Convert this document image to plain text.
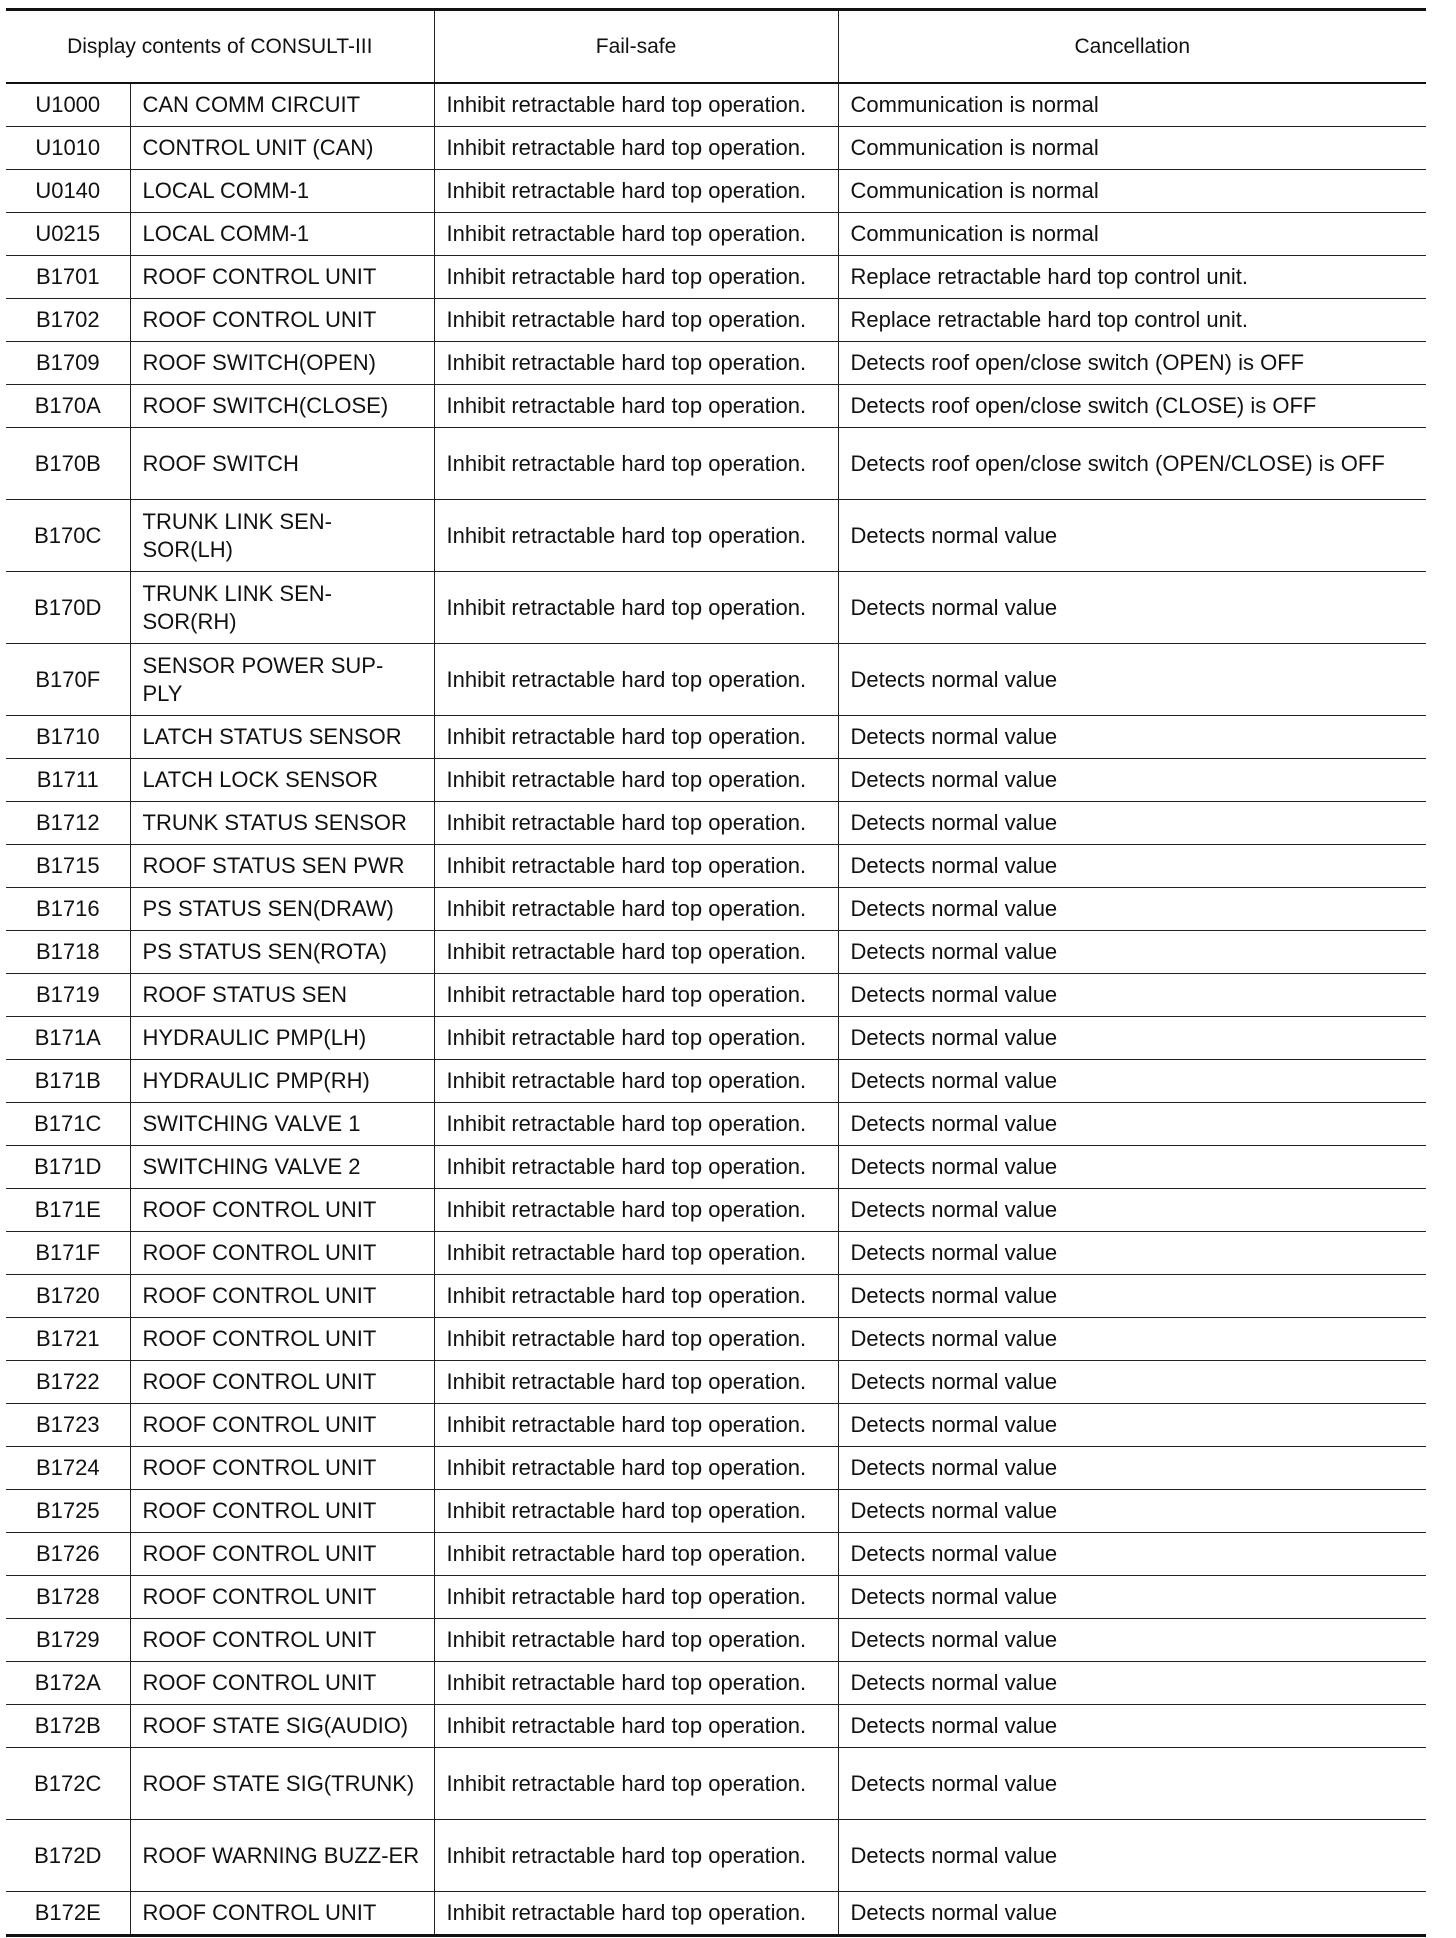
Display contents of CONSULT-III		Fail-safe	Cancellation
U1000	CAN COMM CIRCUIT	Inhibit retractable hard top operation.	Communication is normal
U1010	CONTROL UNIT (CAN)	Inhibit retractable hard top operation.	Communication is normal
U0140	LOCAL COMM-1	Inhibit retractable hard top operation.	Communication is normal
U0215	LOCAL COMM-1	Inhibit retractable hard top operation.	Communication is normal
B1701	ROOF CONTROL UNIT	Inhibit retractable hard top operation.	Replace retractable hard top control unit.
B1702	ROOF CONTROL UNIT	Inhibit retractable hard top operation.	Replace retractable hard top control unit.
B1709	ROOF SWITCH(OPEN)	Inhibit retractable hard top operation.	Detects roof open/close switch (OPEN) is OFF
B170A	ROOF SWITCH(CLOSE)	Inhibit retractable hard top operation.	Detects roof open/close switch (CLOSE) is OFF
B170B	ROOF SWITCH	Inhibit retractable hard top operation.	Detects roof open/close switch (OPEN/CLOSE) is OFF
B170C	TRUNK LINK SEN-SOR(LH)	Inhibit retractable hard top operation.	Detects normal value
B170D	TRUNK LINK SEN-SOR(RH)	Inhibit retractable hard top operation.	Detects normal value
B170F	SENSOR POWER SUP-PLY	Inhibit retractable hard top operation.	Detects normal value
B1710	LATCH STATUS SENSOR	Inhibit retractable hard top operation.	Detects normal value
B1711	LATCH LOCK SENSOR	Inhibit retractable hard top operation.	Detects normal value
B1712	TRUNK STATUS SENSOR	Inhibit retractable hard top operation.	Detects normal value
B1715	ROOF STATUS SEN PWR	Inhibit retractable hard top operation.	Detects normal value
B1716	PS STATUS SEN(DRAW)	Inhibit retractable hard top operation.	Detects normal value
B1718	PS STATUS SEN(ROTA)	Inhibit retractable hard top operation.	Detects normal value
B1719	ROOF STATUS SEN	Inhibit retractable hard top operation.	Detects normal value
B171A	HYDRAULIC PMP(LH)	Inhibit retractable hard top operation.	Detects normal value
B171B	HYDRAULIC PMP(RH)	Inhibit retractable hard top operation.	Detects normal value
B171C	SWITCHING VALVE 1	Inhibit retractable hard top operation.	Detects normal value
B171D	SWITCHING VALVE 2	Inhibit retractable hard top operation.	Detects normal value
B171E	ROOF CONTROL UNIT	Inhibit retractable hard top operation.	Detects normal value
B171F	ROOF CONTROL UNIT	Inhibit retractable hard top operation.	Detects normal value
B1720	ROOF CONTROL UNIT	Inhibit retractable hard top operation.	Detects normal value
B1721	ROOF CONTROL UNIT	Inhibit retractable hard top operation.	Detects normal value
B1722	ROOF CONTROL UNIT	Inhibit retractable hard top operation.	Detects normal value
B1723	ROOF CONTROL UNIT	Inhibit retractable hard top operation.	Detects normal value
B1724	ROOF CONTROL UNIT	Inhibit retractable hard top operation.	Detects normal value
B1725	ROOF CONTROL UNIT	Inhibit retractable hard top operation.	Detects normal value
B1726	ROOF CONTROL UNIT	Inhibit retractable hard top operation.	Detects normal value
B1728	ROOF CONTROL UNIT	Inhibit retractable hard top operation.	Detects normal value
B1729	ROOF CONTROL UNIT	Inhibit retractable hard top operation.	Detects normal value
B172A	ROOF CONTROL UNIT	Inhibit retractable hard top operation.	Detects normal value
B172B	ROOF STATE SIG(AUDIO)	Inhibit retractable hard top operation.	Detects normal value
B172C	ROOF STATE SIG(TRUNK)	Inhibit retractable hard top operation.	Detects normal value
B172D	ROOF WARNING BUZZ-ER	Inhibit retractable hard top operation.	Detects normal value
B172E	ROOF CONTROL UNIT	Inhibit retractable hard top operation.	Detects normal value
